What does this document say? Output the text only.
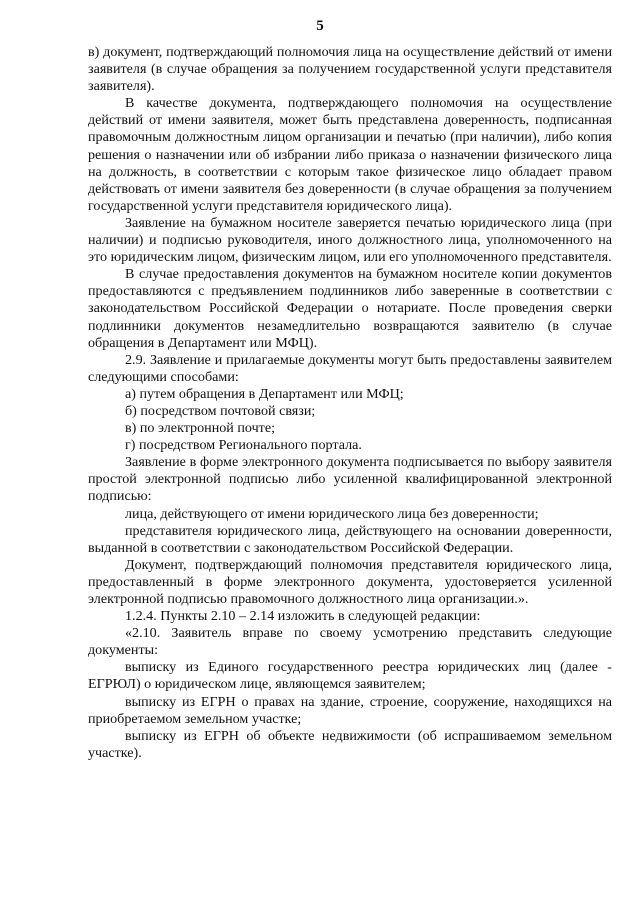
5

в) документ, подтверждающий полномочия лица на осуществление действий от имени заявителя (в случае обращения за получением государственной услуги представителя заявителя).

В качестве документа, подтверждающего полномочия на осуществление действий от имени заявителя, может быть представлена доверенность, подписанная правомочным должностным лицом организации и печатью (при наличии), либо копия решения о назначении или об избрании либо приказа о назначении физического лица на должность, в соответствии с которым такое физическое лицо обладает правом действовать от имени заявителя без доверенности (в случае обращения за получением государственной услуги представителя юридического лица).

Заявление на бумажном носителе заверяется печатью юридического лица (при наличии) и подписью руководителя, иного должностного лица, уполномоченного на это юридическим лицом, физическим лицом, или его уполномоченного представителя.

В случае предоставления документов на бумажном носителе копии документов предоставляются с предъявлением подлинников либо заверенные в соответствии с законодательством Российской Федерации о нотариате. После проведения сверки подлинники документов незамедлительно возвращаются заявителю (в случае обращения в Департамент или МФЦ).

2.9. Заявление и прилагаемые документы могут быть предоставлены заявителем следующими способами:

а) путем обращения в Департамент или МФЦ;

б) посредством почтовой связи;

в) по электронной почте;

г) посредством Регионального портала.

Заявление в форме электронного документа подписывается по выбору заявителя простой электронной подписью либо усиленной квалифицированной электронной подписью:

лица, действующего от имени юридического лица без доверенности;

представителя юридического лица, действующего на основании доверенности, выданной в соответствии с законодательством Российской Федерации.

Документ, подтверждающий полномочия представителя юридического лица, предоставленный в форме электронного документа, удостоверяется усиленной электронной подписью правомочного должностного лица организации.».

1.2.4. Пункты 2.10 – 2.14 изложить в следующей редакции:

«2.10. Заявитель вправе по своему усмотрению представить следующие документы:

выписку из Единого государственного реестра юридических лиц (далее - ЕГРЮЛ) о юридическом лице, являющемся заявителем;

выписку из ЕГРН о правах на здание, строение, сооружение, находящихся на приобретаемом земельном участке;

выписку из ЕГРН об объекте недвижимости (об испрашиваемом земельном участке).
